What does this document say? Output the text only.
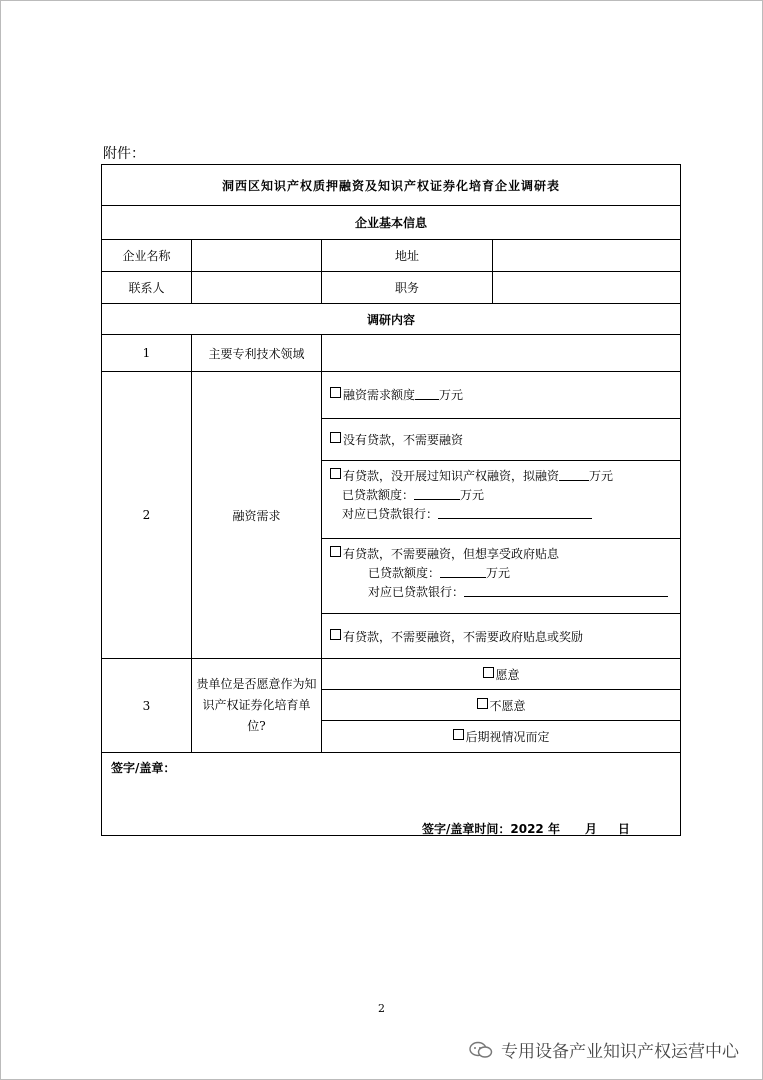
附件：
洞西区知识产权质押融资及知识产权证券化培育企业调研表			
企业基本信息			
企业名称		地址	
联系人		职务	
调研内容			
1	主要专利技术领域		
2	融资需求	融资需求额度 万元	
		没有贷款，不需要融资	

		有贷款，没开展过知识产权融资，拟融资 万元
已贷款额度： 万元
对应已贷款银行：	

		有贷款，不需要融资，但想享受政府贴息
已贷款额度： 万元
对应已贷款银行：	

		有贷款，不需要融资，不需要政府贴息或奖励	
3	贵单位是否愿意作为知识产权证券化培育单位?	愿意	
		不愿意	
		后期视情况而定	

签字/盖章：
签字/盖章时间：2022 年      月     日			
2
专用设备产业知识产权运营中心
